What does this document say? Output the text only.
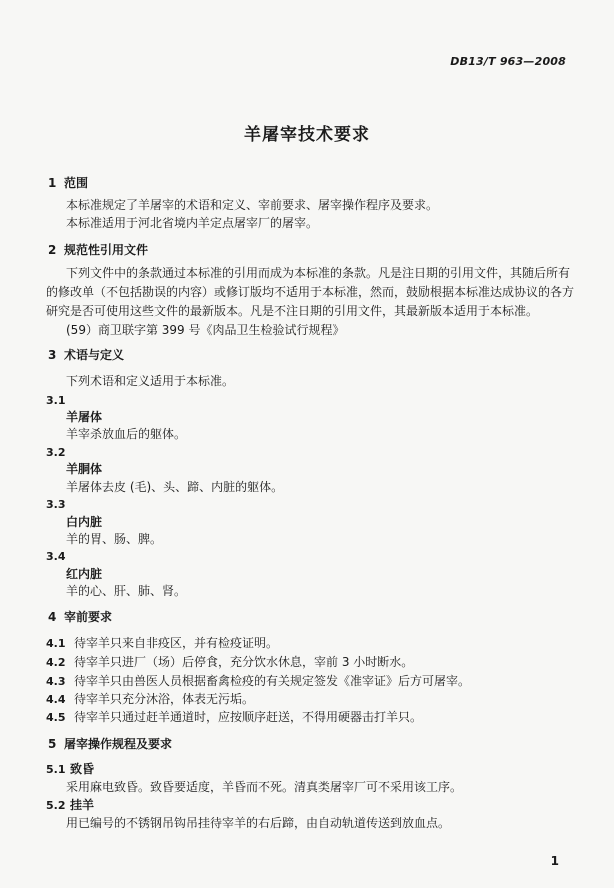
DB13/T 963—2008
羊屠宰技术要求
1 范围
本标准规定了羊屠宰的术语和定义、宰前要求、屠宰操作程序及要求。
本标准适用于河北省境内羊定点屠宰厂的屠宰。
2 规范性引用文件
下列文件中的条款通过本标准的引用而成为本标准的条款。凡是注日期的引用文件，其随后所有
的修改单（不包括勘误的内容）或修订版均不适用于本标准，然而，鼓励根据本标准达成协议的各方
研究是否可使用这些文件的最新版本。凡是不注日期的引用文件，其最新版本适用于本标准。
(59）商卫联字第 399 号《肉品卫生检验试行规程》
3 术语与定义
下列术语和定义适用于本标准。
3.1
羊屠体
羊宰杀放血后的躯体。
3.2
羊胴体
羊屠体去皮 (毛)、头、蹄、内脏的躯体。
3.3
白内脏
羊的胃、肠、脾。
3.4
红内脏
羊的心、肝、肺、肾。
4 宰前要求
4.1 待宰羊只来自非疫区，并有检疫证明。
4.2 待宰羊只进厂（场）后停食，充分饮水休息，宰前 3 小时断水。
4.3 待宰羊只由兽医人员根据畜禽检疫的有关规定签发《准宰证》后方可屠宰。
4.4 待宰羊只充分沐浴，体表无污垢。
4.5 待宰羊只通过赶羊通道时，应按顺序赶送，不得用硬器击打羊只。
5 屠宰操作规程及要求
5.1 致昏
采用麻电致昏。致昏要适度，羊昏而不死。清真类屠宰厂可不采用该工序。
5.2 挂羊
用已编号的不锈钢吊钩吊挂待宰羊的右后蹄，由自动轨道传送到放血点。
1
